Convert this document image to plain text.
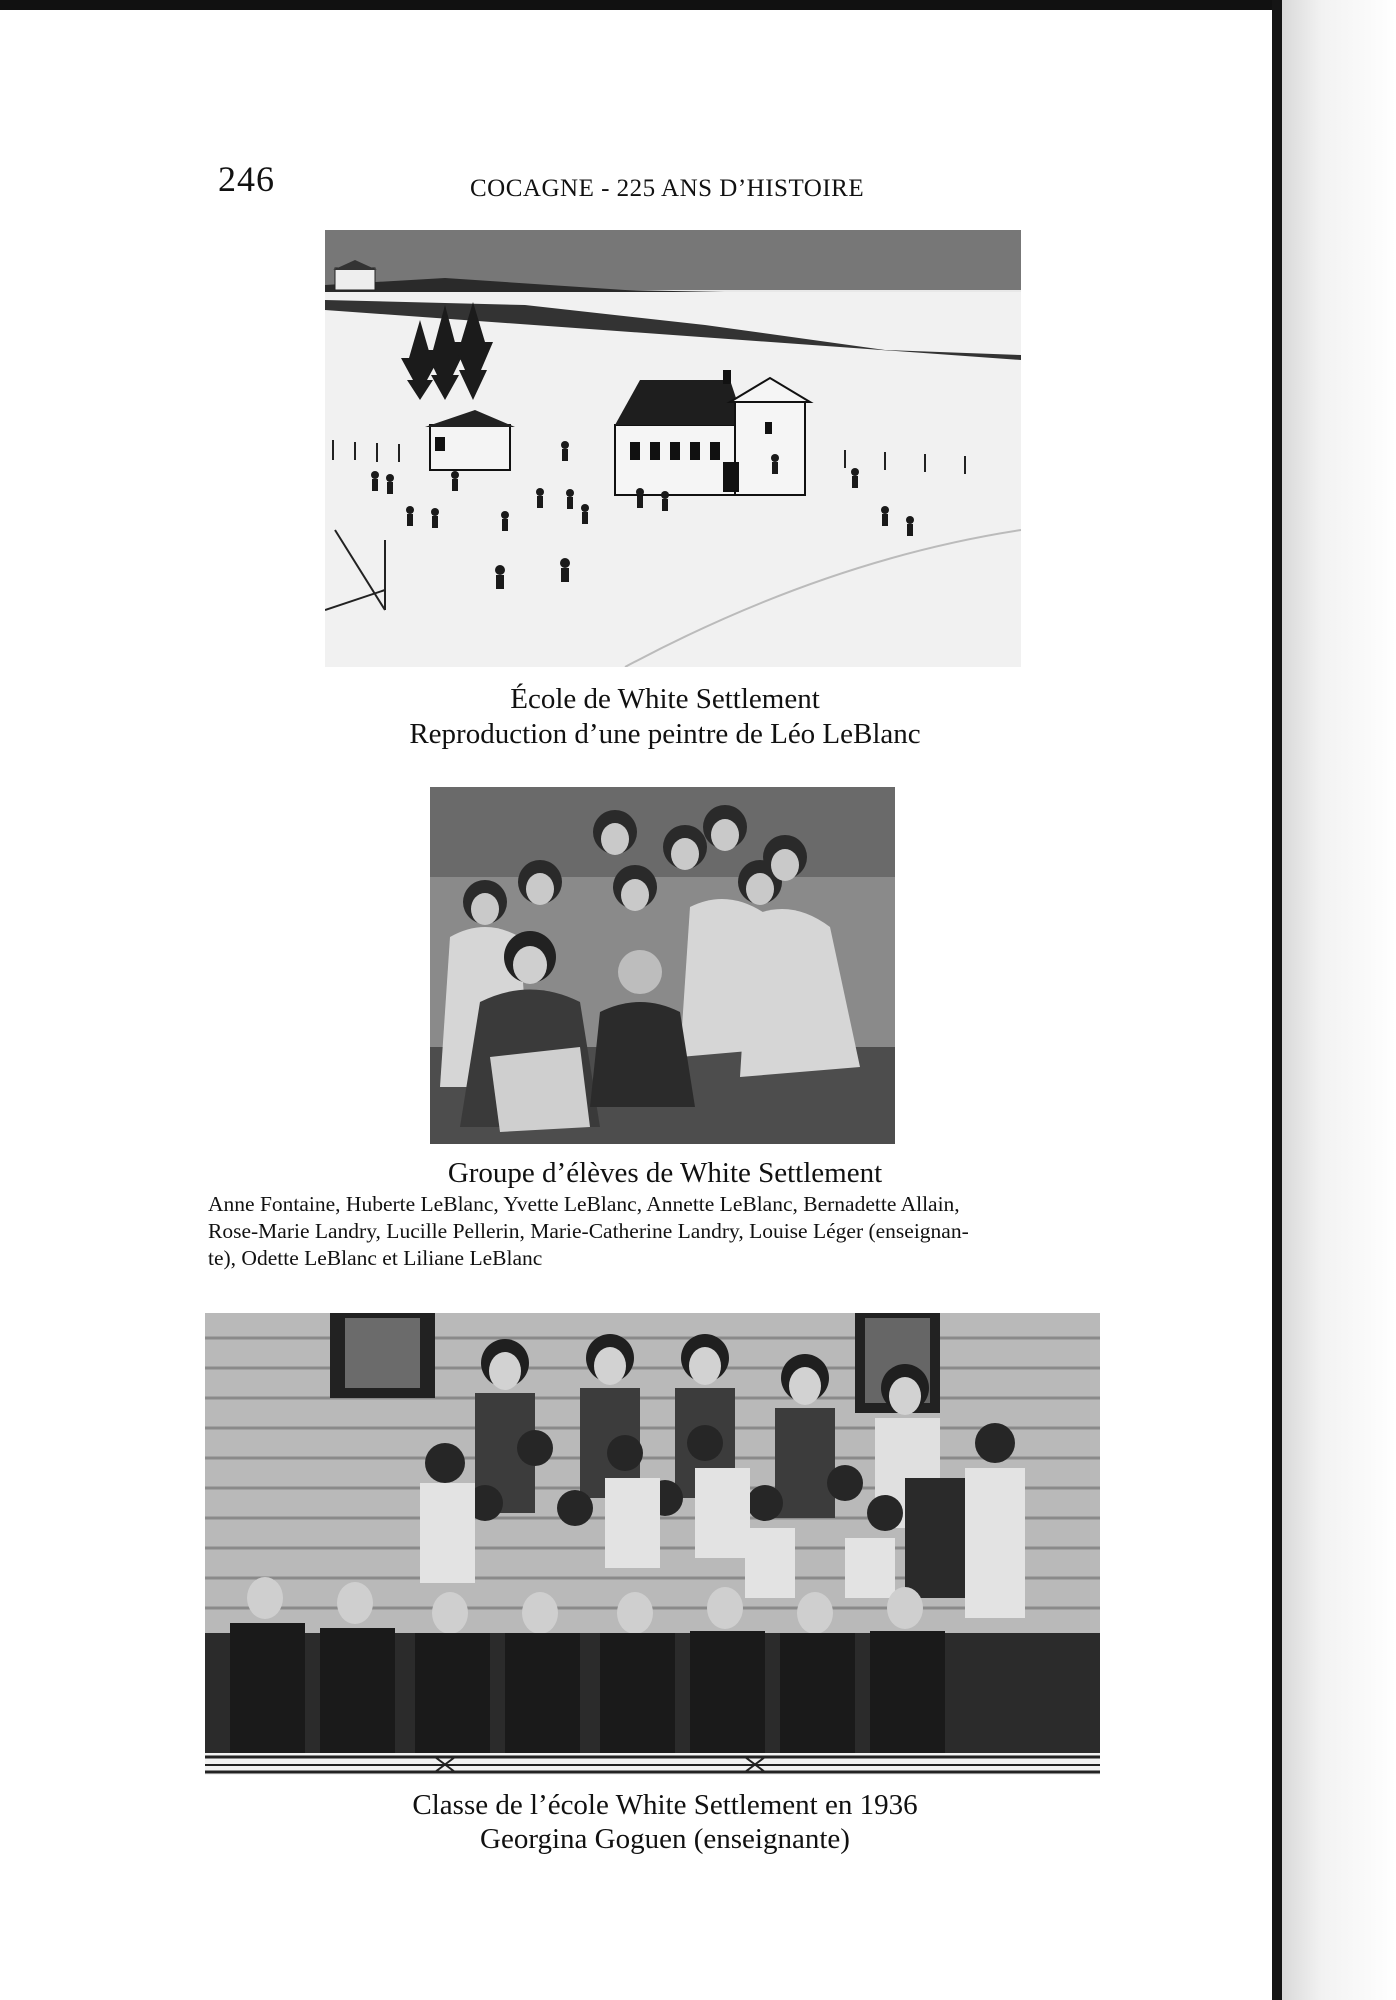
246	COCAGNE - 225 ANS D’HISTOIRE
École de White Settlement
Reproduction d’une peintre de Léo LeBlanc
Groupe d’élèves de White Settlement
Anne Fontaine, Huberte LeBlanc, Yvette LeBlanc, Annette LeBlanc, Bernadette Allain,
Rose-Marie Landry, Lucille Pellerin, Marie-Catherine Landry, Louise Léger (enseignan-
te), Odette LeBlanc et Liliane LeBlanc
Classe de l’école White Settlement en 1936
Georgina Goguen (enseignante)
